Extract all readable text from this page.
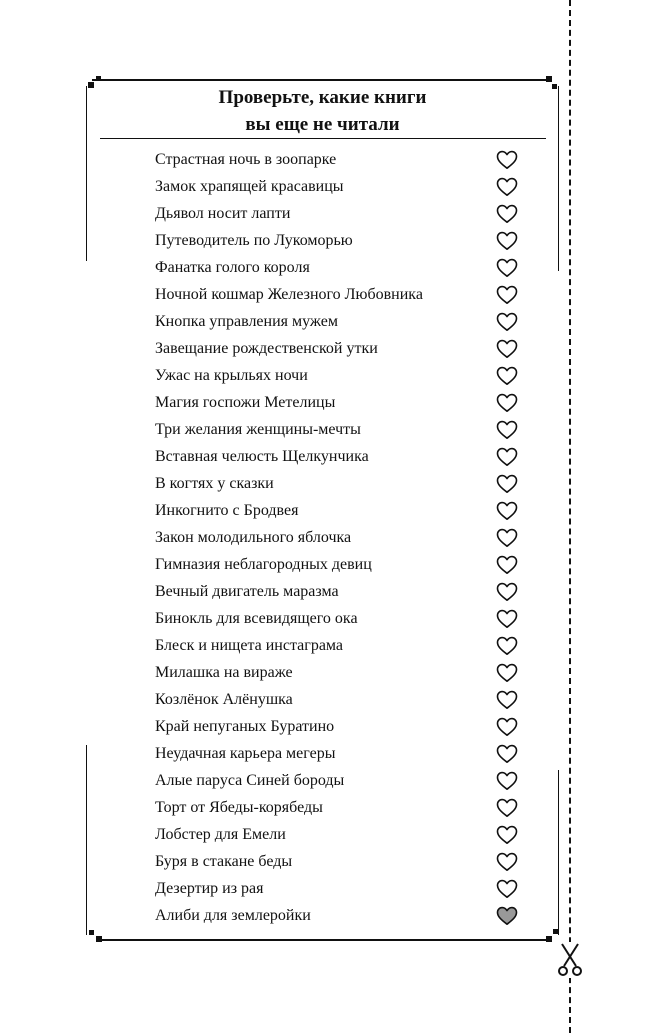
Проверьте, какие книги
вы еще не читали
Страстная ночь в зоопарке
Замок храпящей красавицы
Дьявол носит лапти
Путеводитель по Лукоморью
Фанатка голого короля
Ночной кошмар Железного Любовника
Кнопка управления мужем
Завещание рождественской утки
Ужас на крыльях ночи
Магия госпожи Метелицы
Три желания женщины-мечты
Вставная челюсть Щелкунчика
В когтях у сказки
Инкогнито с Бродвея
Закон молодильного яблочка
Гимназия неблагородных девиц
Вечный двигатель маразма
Бинокль для всевидящего ока
Блеск и нищета инстаграма
Милашка на вираже
Козлёнок Алёнушка
Край непуганых Буратино
Неудачная карьера мегеры
Алые паруса Синей бороды
Торт от Ябеды-корябеды
Лобстер для Емели
Буря в стакане беды
Дезертир из рая
Алиби для землеройки
